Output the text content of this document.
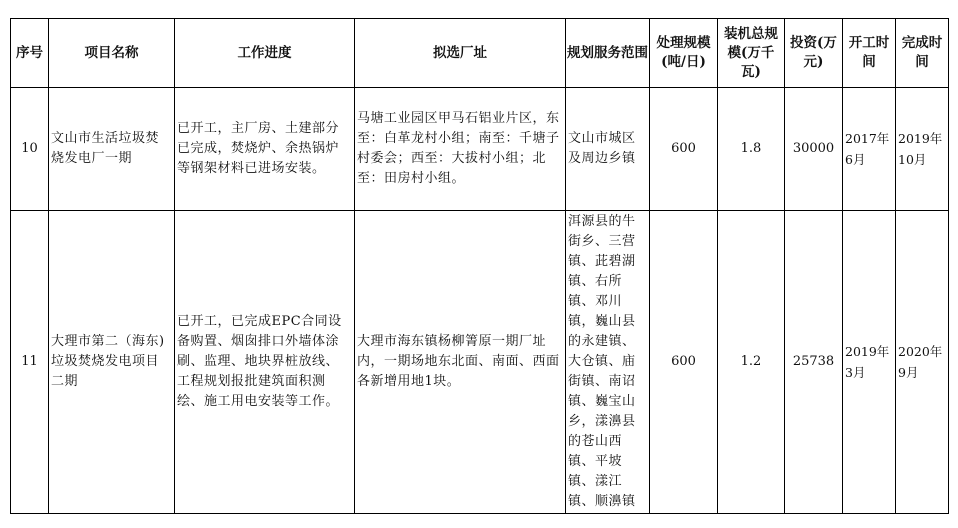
序号	项目名称	工作进度	拟选厂址	规划服务范围	处理规模(吨/日)	装机总规模(万千瓦)	投资(万元)	开工时间	完成时间
10	文山市生活垃圾焚烧发电厂一期	已开工，主厂房、土建部分已完成，焚烧炉、余热锅炉等钢架材料已进场安装。	马塘工业园区甲马石铝业片区，东至：白革龙村小组；南至：千塘子村委会；西至：大拔村小组；北至：田房村小组。	文山市城区及周边乡镇	600	1.8	30000	2017年6月	2019年10月
11	大理市第二（海东)垃圾焚烧发电项目二期	已开工，已完成EPC合同设备购置、烟囱排口外墙体涂刷、监理、地块界桩放线、工程规划报批建筑面积测绘、施工用电安装等工作。	大理市海东镇杨柳箐原一期厂址内，一期场地东北面、南面、西面各新增用地1块。	洱源县的牛街乡、三营镇、茈碧湖镇、右所镇、邓川镇，巍山县的永建镇、大仓镇、庙街镇、南诏镇、巍宝山乡，漾濞县的苍山西镇、平坡镇、漾江镇、顺濞镇	600	1.2	25738	2019年3月	2020年9月
